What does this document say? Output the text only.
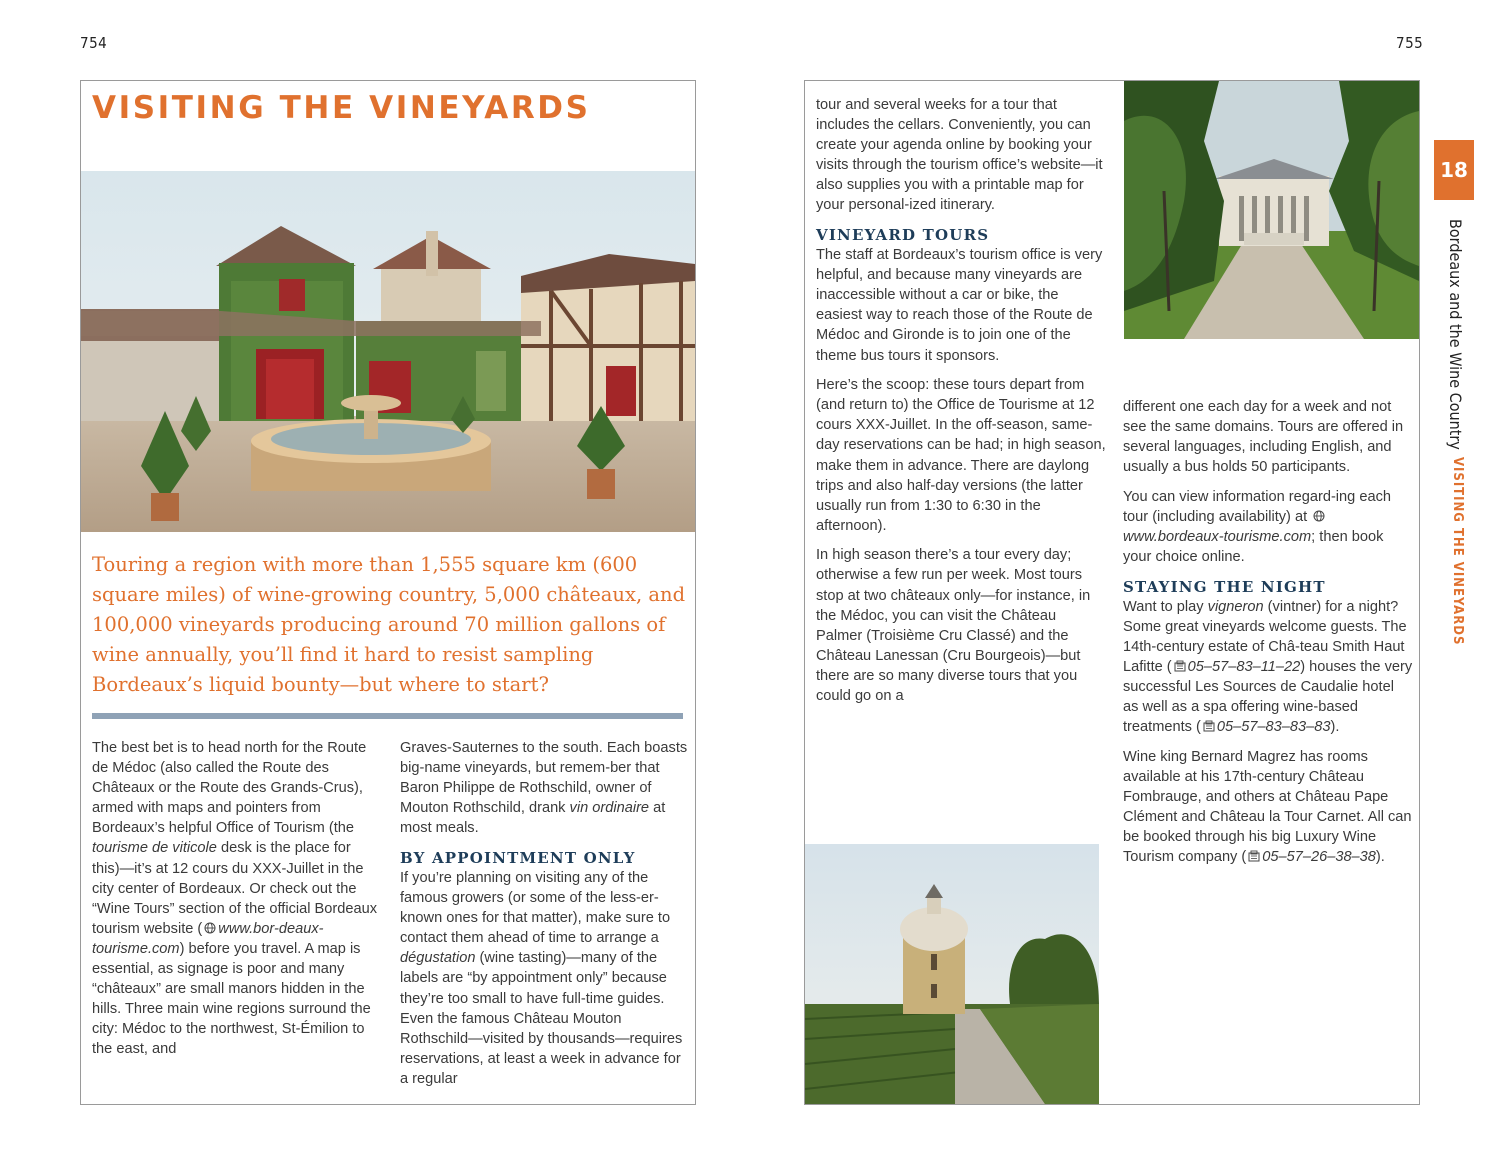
754	755
VISITING THE VINEYARDS
Touring a region with more than 1,555 square km (600 square miles) of wine-growing country, 5,000 châteaux, and 100,000 vineyards producing around 70 million gallons of wine annually, you’ll find it hard to resist sampling Bordeaux’s liquid bounty—but where to start?

The best bet is to head north for the Route de Médoc (also called the Route des Châteaux or the Route des Grands-Crus), armed with maps and pointers from Bordeaux’s helpful Office of Tourism (the tourisme de viticole desk is the place for this)—it’s at 12 cours du XXX-Juillet in the city center of Bordeaux. Or check out the “Wine Tours” section of the official Bordeaux tourism website ( www.bor-deaux-tourisme.com) before you travel. A map is essential, as signage is poor and many “châteaux” are small manors hidden in the hills. Three main wine regions surround the city: Médoc to the northwest, St-Émilion to the east, and

Graves-Sauternes to the south. Each boasts big-name vineyards, but remem-ber that Baron Philippe de Rothschild, owner of Mouton Rothschild, drank vin ordinaire at most meals.

BY APPOINTMENT ONLY

If you’re planning on visiting any of the famous growers (or some of the less-er-known ones for that matter), make sure to contact them ahead of time to arrange a dégustation (wine tasting)—many of the labels are “by appointment only” because they’re too small to have full-time guides. Even the famous Château Mouton Rothschild—visited by thousands—requires reservations, at least a week in advance for a regular

tour and several weeks for a tour that includes the cellars. Conveniently, you can create your agenda online by booking your visits through the tourism office’s website—it also supplies you with a printable map for your personal-ized itinerary.

VINEYARD TOURS

The staff at Bordeaux’s tourism office is very helpful, and because many vineyards are inaccessible without a car or bike, the easiest way to reach those of the Route de Médoc and Gironde is to join one of the theme bus tours it sponsors.

Here’s the scoop: these tours depart from (and return to) the Office de Tourisme at 12 cours XXX-Juillet. In the off-season, same-day reservations can be had; in high season, make them in advance. There are daylong trips and also half-day versions (the latter usually run from 1:30 to 6:30 in the afternoon).

In high season there’s a tour every day; otherwise a few run per week. Most tours stop at two châteaux only—for instance, in the Médoc, you can visit the Château Palmer (Troisième Cru Classé) and the Château Lanessan (Cru Bourgeois)—but there are so many diverse tours that you could go on a

different one each day for a week and not see the same domains. Tours are offered in several languages, including English, and usually a bus holds 50 participants.

You can view information regard-ing each tour (including availability) at
www.bordeaux-tourisme.com; then book your choice online.

STAYING THE NIGHT

Want to play vigneron (vintner) for a night? Some great vineyards welcome guests. The 14th-century estate of Châ-teau Smith Haut Lafitte ( 05–57–83–11–22) houses the very successful Les Sources de Caudalie hotel as well as a spa offering wine-based treatments ( 05–57–83–83–83).

Wine king Bernard Magrez has rooms available at his 17th-century Château Fombrauge, and others at Château Pape Clément and Château la Tour Carnet. All can be booked through his big Luxury Wine Tourism company ( 05–57–26–38–38).

18
Bordeaux and the Wine Country
VISITING THE VINEYARDS
